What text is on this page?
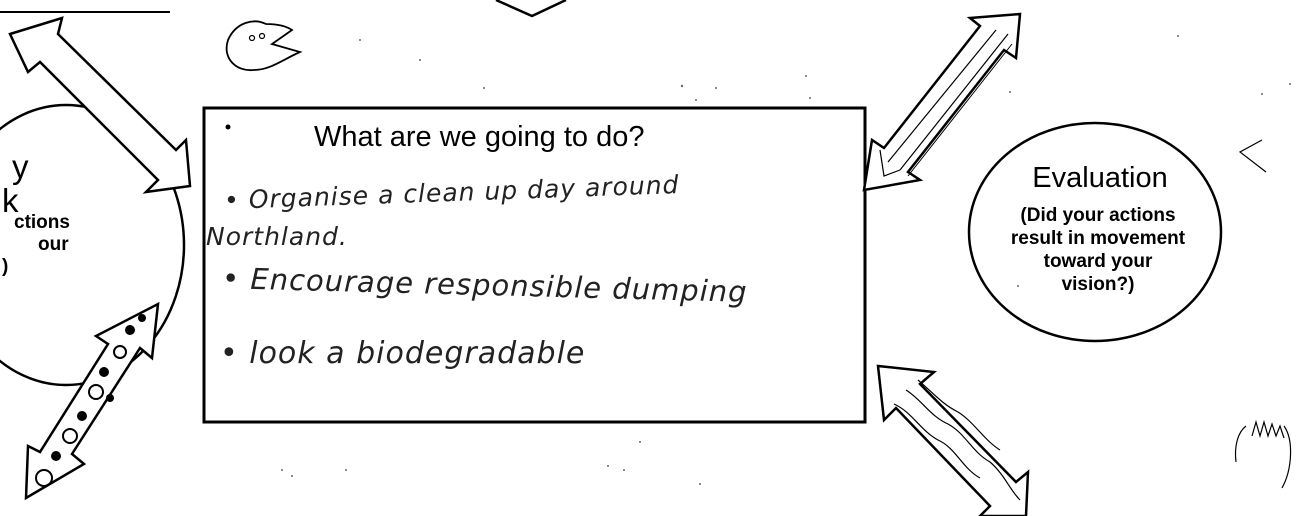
What are we going to do?
• Organise a clean up day around
Northland.
• Encourage responsible dumping
• look a biodegradable
Evaluation
(Did your actions
result in movement
toward your
vision?)
y
k
ctions
our
)
